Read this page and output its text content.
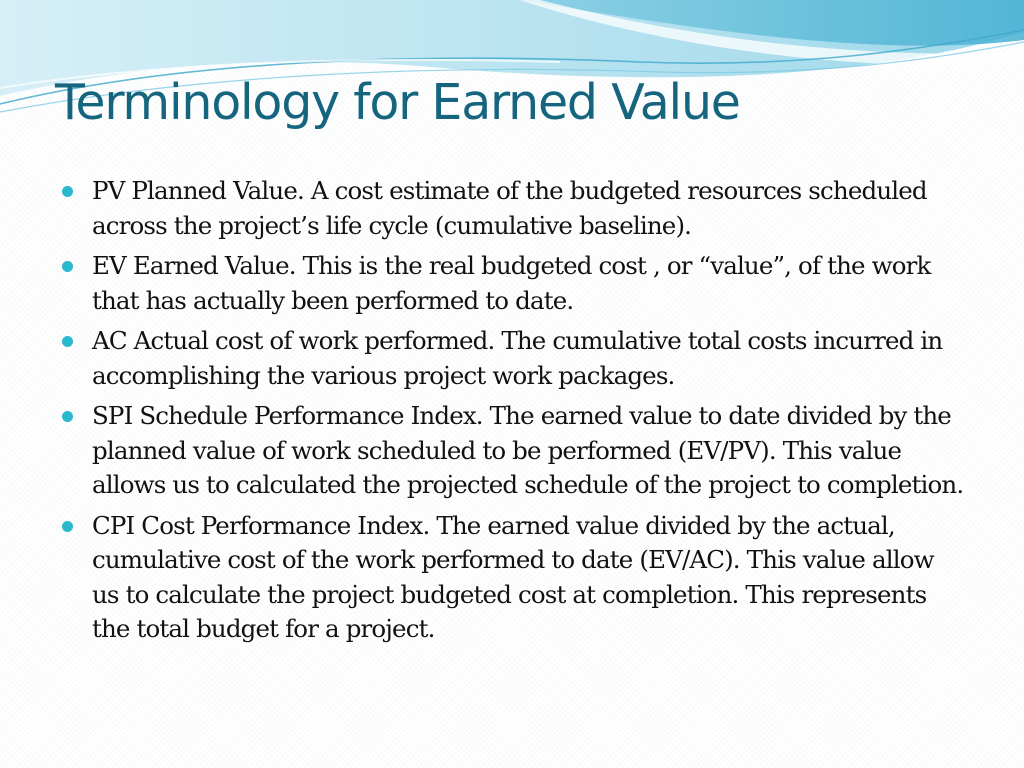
Terminology for Earned Value
PV Planned Value. A cost estimate of the budgeted resources scheduled across the project’s life cycle (cumulative baseline).
EV Earned Value. This is the real budgeted cost , or “value”, of the work that has actually been performed to date.
AC Actual cost of work performed. The cumulative total costs incurred in accomplishing the various project work packages.
SPI Schedule Performance Index. The earned value to date divided by the planned value of work scheduled to be performed (EV/PV). This value allows us to calculated the projected schedule of the project to completion.
CPI Cost Performance Index. The earned value divided by the actual, cumulative cost of the work performed to date (EV/AC). This value allow us to calculate the project budgeted cost at completion. This represents the total budget for a project.
